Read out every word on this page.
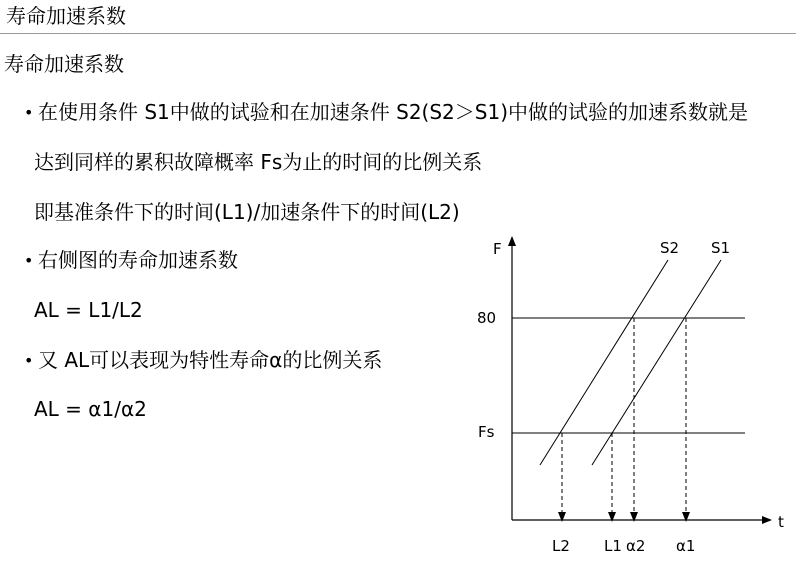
寿命加速系数
寿命加速系数
• 在使用条件 S1中做的试验和在加速条件 S2(S2＞S1)中做的试验的加速系数就是
达到同样的累积故障概率 Fs为止的时间的比例关系
即基准条件下的时间(L1)/加速条件下的时间(L2)
• 右侧图的寿命加速系数
AL = L1/L2
• 又 AL可以表现为特性寿命α的比例关系
AL = α1/α2
F
t
80
Fs
S2 S1
L2 L1 α2 α1
